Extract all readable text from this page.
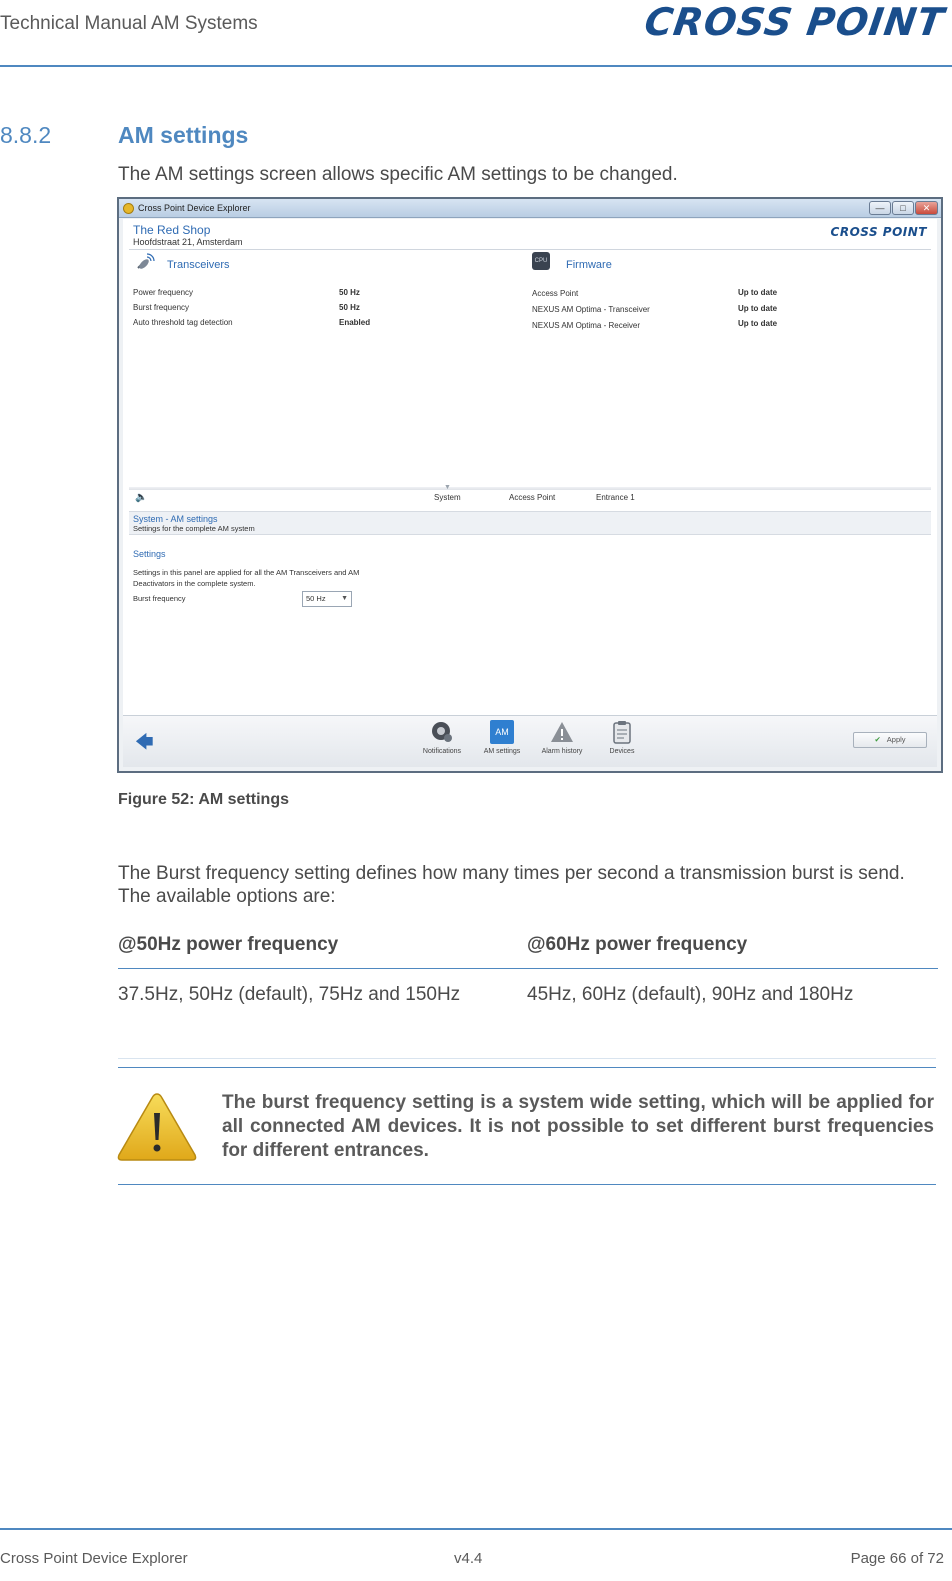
Technical Manual AM Systems	CROSS POINT
8.8.2	AM settings
The AM settings screen allows specific AM settings to be changed.
Cross Point Device Explorer	—	□	✕
The Red Shop
Hoofdstraat 21, Amsterdam
CROSS POINT
Transceivers
Power frequency	50 Hz
Burst frequency	50 Hz
Auto threshold tag detection	Enabled
CPU Firmware
Access Point	Up to date
NEXUS AM Optima - Transceiver	Up to date
NEXUS AM Optima - Receiver	Up to date
🔈	System
▼
Access Point	Entrance 1
System - AM settings
Settings for the complete AM system
Settings
Settings in this panel are applied for all the AM Transceivers and AM Deactivators in the complete system.
Burst frequency	50 Hz ▼
🡄	Notifications
AM
AM settings	Alarm history	Devices
✔ Apply
Figure 52: AM settings
The Burst frequency setting defines how many times per second a transmission burst is send. The available options are:
@50Hz power frequency	@60Hz power frequency
37.5Hz, 50Hz (default), 75Hz and 150Hz	45Hz, 60Hz (default), 90Hz and 180Hz
The burst frequency setting is a system wide setting, which will be applied for all connected AM devices. It is not possible to set different burst frequencies for different entrances.
Cross Point Device Explorer	v4.4	Page 66 of 72
